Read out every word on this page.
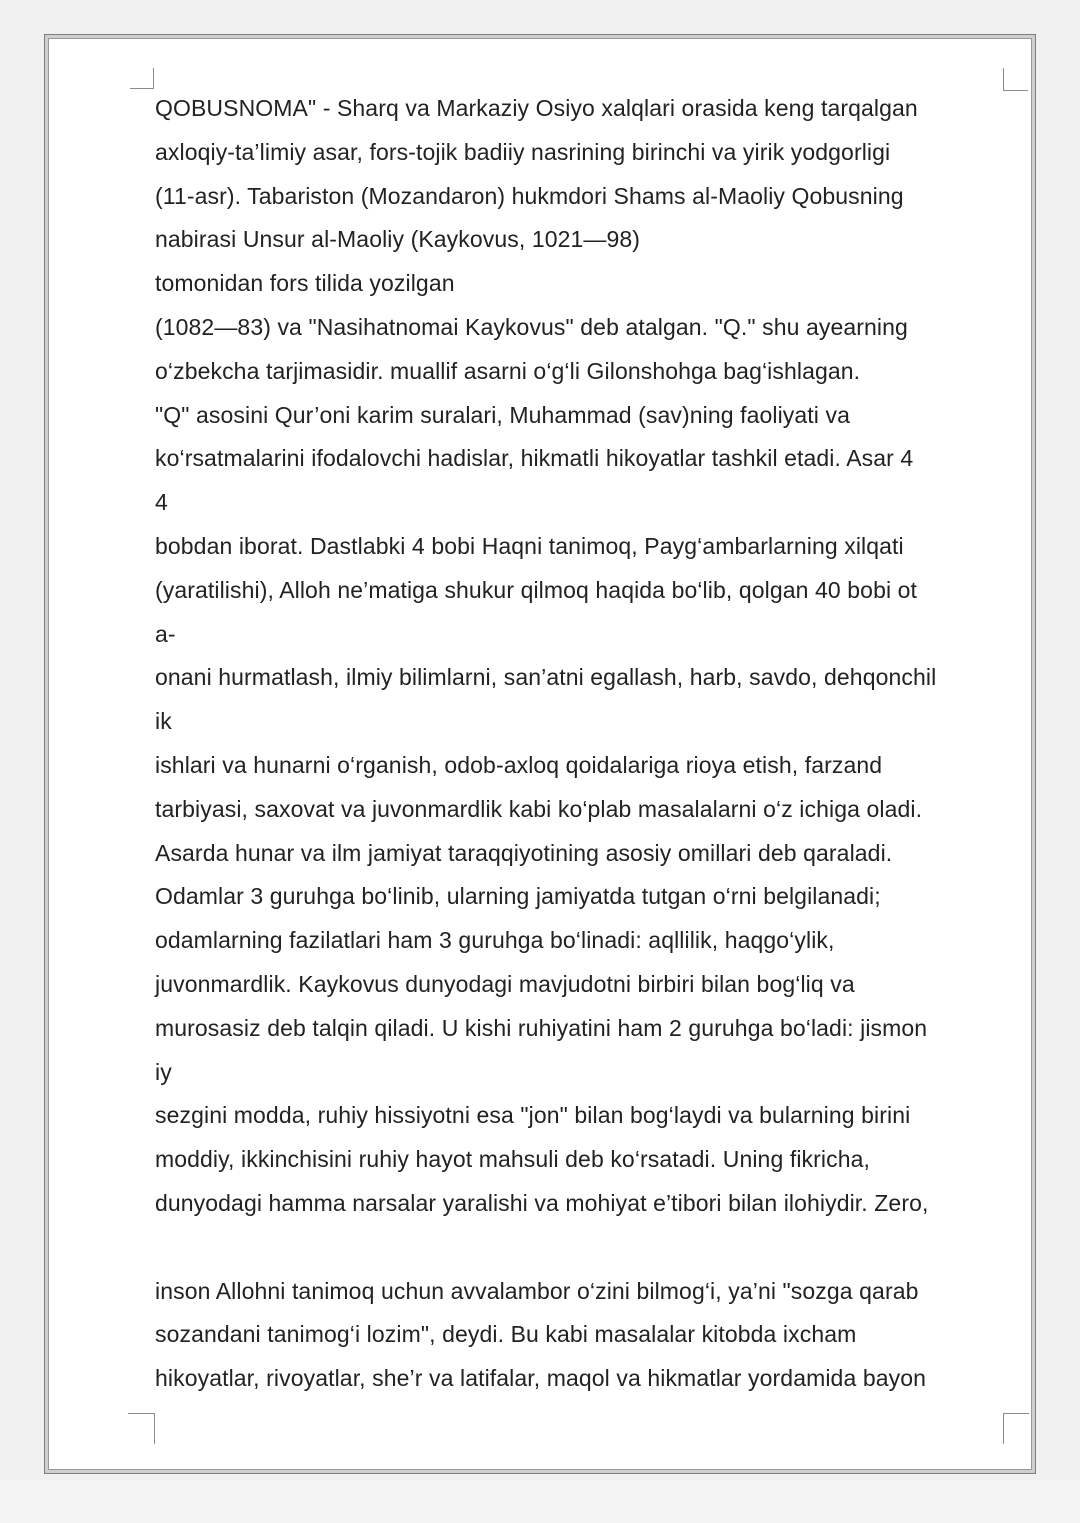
QOBUSNOMA" - Sharq va Markaziy Osiyo xalqlari orasida keng tarqalgan
axloqiy-ta’limiy asar, fors-tojik badiiy nasrining birinchi va yirik yodgorligi
(11-asr). Tabariston (Mozandaron) hukmdori Shams al-Maoliy Qobusning
nabirasi Unsur al-Maoliy (Kaykovus, 1021—98)
tomonidan fors tilida yozilgan
(1082—83) va "Nasihatnomai Kaykovus" deb atalgan. "Q." shu ayearning
o‘zbekcha tarjimasidir. muallif asarni o‘g‘li Gilonshohga bag‘ishlagan.
"Q" asosini Qur’oni karim suralari, Muhammad (sav)ning faoliyati va
ko‘rsatmalarini ifodalovchi hadislar, hikmatli hikoyatlar tashkil etadi. Asar 4
4
bobdan iborat. Dastlabki 4 bobi Haqni tanimoq, Payg‘ambarlarning xilqati
(yaratilishi), Alloh ne’matiga shukur qilmoq haqida bo‘lib, qolgan 40 bobi ot
a-
onani hurmatlash, ilmiy bilimlarni, san’atni egallash, harb, savdo, dehqonchil
ik
ishlari va hunarni o‘rganish, odob-axloq qoidalariga rioya etish, farzand
tarbiyasi, saxovat va juvonmardlik kabi ko‘plab masalalarni o‘z ichiga oladi.
Asarda hunar va ilm jamiyat taraqqiyotining asosiy omillari deb qaraladi.
Odamlar 3 guruhga bo‘linib, ularning jamiyatda tutgan o‘rni belgilanadi;
odamlarning fazilatlari ham 3 guruhga bo‘linadi: aqllilik, haqgo‘ylik,
juvonmardlik. Kaykovus dunyodagi mavjudotni birbiri bilan bog‘liq va
murosasiz deb talqin qiladi. U kishi ruhiyatini ham 2 guruhga bo‘ladi: jismon
iy
sezgini modda, ruhiy hissiyotni esa "jon" bilan bog‘laydi va bularning birini
moddiy, ikkinchisini ruhiy hayot mahsuli deb ko‘rsatadi. Uning fikricha,
dunyodagi hamma narsalar yaralishi va mohiyat e’tibori bilan ilohiydir. Zero,
inson Allohni tanimoq uchun avvalambor o‘zini bilmog‘i, ya’ni "sozga qarab
sozandani tanimog‘i lozim", deydi. Bu kabi masalalar kitobda ixcham
hikoyatlar, rivoyatlar, she’r va latifalar, maqol va hikmatlar yordamida bayon
